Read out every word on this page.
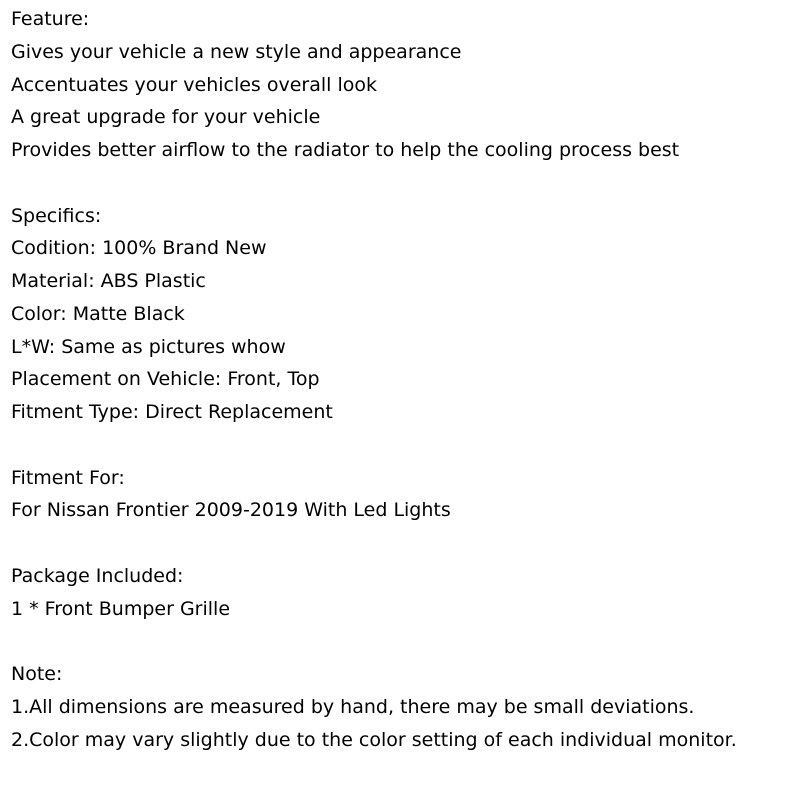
Feature:
Gives your vehicle a new style and appearance
Accentuates your vehicles overall look
A great upgrade for your vehicle
Provides better airflow to the radiator to help the cooling process best
Specifics:
Codition: 100% Brand New
Material: ABS Plastic
Color: Matte Black
L*W: Same as pictures whow
Placement on Vehicle: Front, Top
Fitment Type: Direct Replacement
Fitment For:
For Nissan Frontier 2009-2019 With Led Lights
Package Included:
1 * Front Bumper Grille
Note:
1.All dimensions are measured by hand, there may be small deviations.
2.Color may vary slightly due to the color setting of each individual monitor.
